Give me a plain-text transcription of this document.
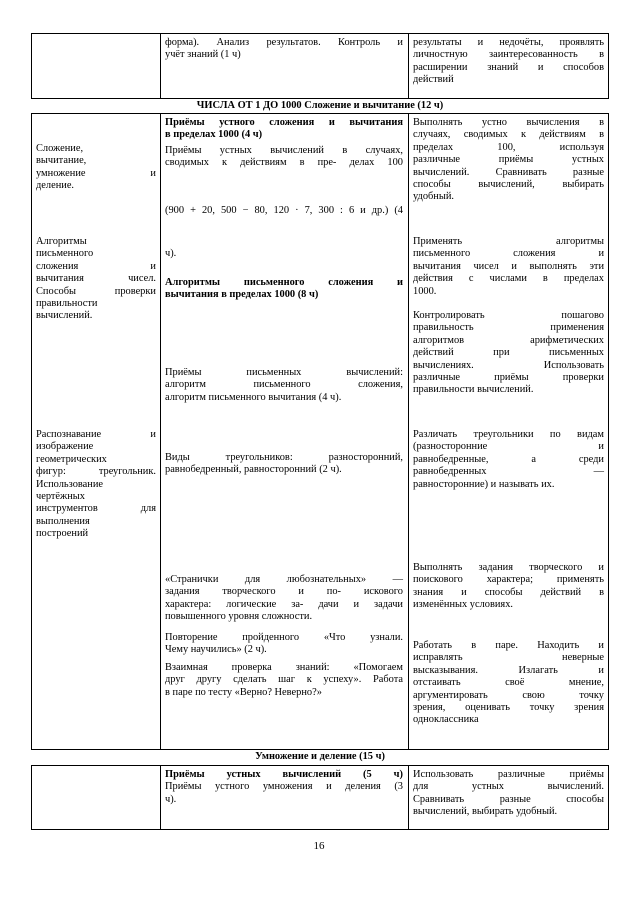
форма). Анализ результатов. Контроль и
учёт знаний (1 ч)
результаты и недочёты, проявлять
личностную заинтересованность в
расширении знаний и способов
действий
ЧИСЛА ОТ 1 ДО 1000 Сложение и вычитание (12 ч)
Сложение,
вычитание,
умножение и
деление.
Алгоритмы
письменного
сложения и
вычитания чисел.
Способы проверки
правильности
вычислений.
Распознавание и
изображение
геометрических
фигур: треугольник.
Использование
чертёжных
инструментов для
выполнения
построений
Приёмы устного сложения и вычитания
в пределах 1000 (4 ч)
Приёмы устных вычислений в случаях,
сводимых к действиям в пре- делах 100
(900 + 20, 500 − 80, 120 · 7, 300 : 6 и др.) (4
ч).
Алгоритмы письменного сложения и
вычитания в пределах 1000 (8 ч)
Приёмы письменных вычислений:
алгоритм письменного сложения,
алгоритм письменного вычитания (4 ч).
Виды треугольников: разносторонний,
равнобедренный, равносторонний (2 ч).
«Странички для любознательных» —
задания творческого и по- искового
характера: логические за- дачи и задачи
повышенного уровня сложности.
Повторение пройденного «Что узнали.
Чему научились» (2 ч).
Взаимная проверка знаний: «Помогаем
друг другу сделать шаг к успеху». Работа
в паре по тесту «Верно? Неверно?»
Выполнять устно вычисления в
случаях, сводимых к действиям в
пределах 100, используя
различные приёмы устных
вычислений. Сравнивать разные
способы вычислений, выбирать
удобный.
Применять алгоритмы
письменного сложения и
вычитания чисел и выполнять эти
действия с числами в пределах
1000.
Контролировать пошагово
правильность применения
алгоритмов арифметических
действий при письменных
вычислениях. Использовать
различные приёмы проверки
правильности вычислений.
Различать треугольники по видам
(разносторонние и
равнобедренные, а среди
равнобедренных —
равносторонние) и называть их.
Выполнять задания творческого и
поискового характера; применять
знания и способы действий в
изменённых условиях.
Работать в паре. Находить и
исправлять неверные
высказывания. Излагать и
отстаивать своё мнение,
аргументировать свою точку
зрения, оценивать точку зрения
одноклассника
Умножение и деление (15 ч)
Приёмы устных вычислений (5 ч)
Приёмы устного умножения и деления (3
ч).
Использовать различные приёмы
для устных вычислений.
Сравнивать разные способы
вычислений, выбирать удобный.
16
